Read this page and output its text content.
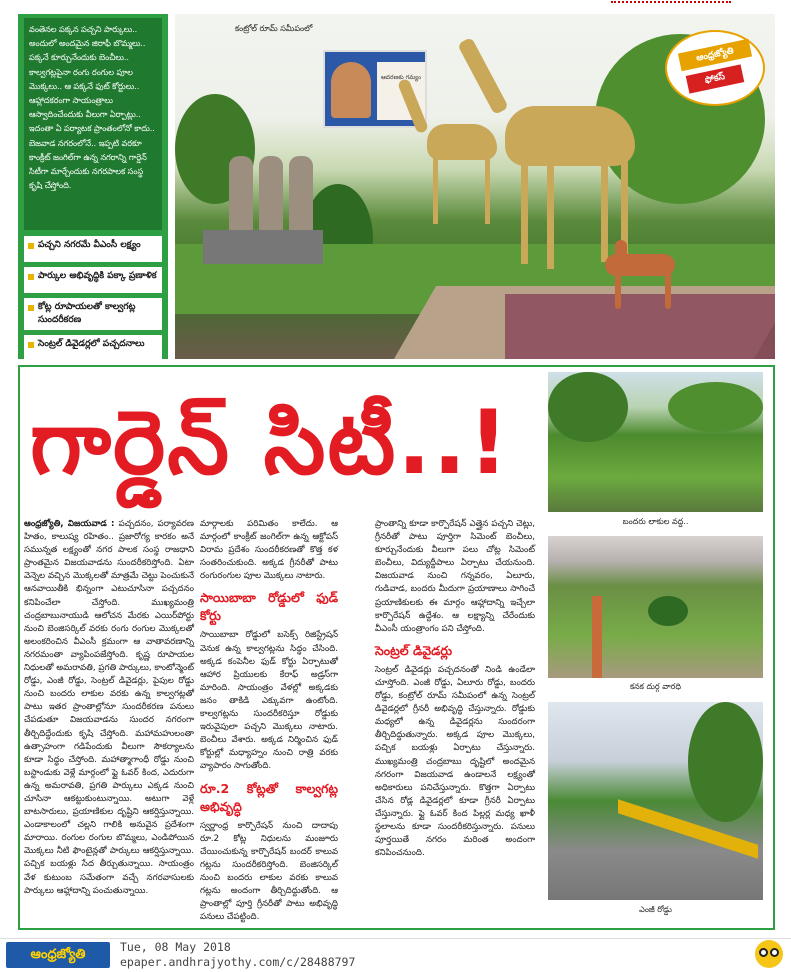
వంతెనల పక్కన పచ్చని పార్కులు.. అందులో అందమైన జిరాఫీ బొమ్మలు.. పక్కనే కూర్చునేందుకు బెంచీలు.. కాల్వగట్లపైనా రంగు రంగుల పూల మొక్కలు.. ఆ పక్కనే ఫుట్‌ కోర్టులు.. ఆహ్లాదకరంగా సాయంత్రాలు ఆస్వాదించేందుకు వీలుగా ఏర్పాట్లు.. ఇదంతా ఏ పర్యాటక ప్రాంతంలోనో కాదు.. బెజవాడ నగరంలోనే.. ఇప్పటి వరకూ కాంక్రీట్‌ జంగిల్‌గా ఉన్న నగరాన్ని గార్డెన్‌ సిటీగా మార్చేందుకు నగరపాలక సంస్థ కృషి చేస్తోంది.

పచ్చని నగరమే వీఎంసీ లక్ష్యం
పార్కుల అభివృద్ధికి పక్కా ప్రణాళిక
కోట్ల రూపాయలతో కాల్వగట్ల సుందరీకరణ
సెంట్రల్‌ డివైడర్లలో పచ్చదనాలు
కంట్రోల్‌ రూమ్‌ సమీపంలో
ఆదరణకు గమ్యం
ఆంధ్రజ్యోతి
ఫోకస్‌
గార్డెన్‌ సిటీ..!

ఆంధ్రజ్యోతి, విజయవాడ : పచ్చదనం, పర్యావరణ హితం, కాలుష్య రహితం.. ప్రజారోగ్య కారకం అనే సమున్నత లక్ష్యంతో నగర పాలక సంస్థ రాజధాని ప్రాంతమైన విజయవాడను సుందరీకరిస్తోంది. ఏటా వెన్నెల వచ్చిన మొక్కలతో మాత్రమే చెట్టు పెంచుకునే ఆనవాయితీకి భిన్నంగా ఎటుచూసినా పచ్చదనం కనిపించేలా చేస్తోంది. ముఖ్యమంత్రి చంద్రబాబునాయుడి ఆలోచన మేరకు ఎయిర్‌పోర్టు నుంచి బెంజిసర్కిల్‌ వరకు రంగు రంగుల మొక్కలతో అలంకరించిన వీఎంసీ క్రమంగా ఆ వాతావరణాన్ని నగరమంతా వ్యాపింపజేస్తోంది. కృష్ణ రూపాయల నిధులతో అమరావతి, ప్రగతి పార్కులు, కాంటోన్మెంట్‌ రోడ్డు, ఎంజీ రోడ్డు, సెంట్రల్‌ డివైడర్లు, పైపుల రోడ్డు నుంచి బందరు లాకుల వరకు ఉన్న కాల్వగట్లతో పాటు ఇతర ప్రాంతాల్లోనూ సుందరీకరణ పనులు చేపడుతూ విజయవాడను సుందర నగరంగా తీర్చిదిద్దేందుకు కృషి చేస్తోంది. మహామహులంతా ఉత్సాహంగా గడిపేందుకు వీలుగా సౌకర్యాలను కూడా సిద్ధం చేస్తోంది. మహాత్మాగాంధీ రోడ్డు నుంచి బస్టాండుకు వెళ్లే మార్గంలో ఫ్లై ఓవర్‌ కింద, ఎదురుగా ఉన్న అమరావతి, ప్రగతి పార్కులు ఎక్కడ నుంచి చూసినా ఆకట్టుకుంటున్నాయి. అటుగా వెళ్లే బాటసారులు, ప్రయాణికుల దృష్టిని ఆకర్షిస్తున్నాయి. ఎండాకాలంలో చల్లని గాలికి అనువైన ప్రదేశంగా మారాయి. రంగుల రంగుల బొమ్మలు, ఎండిపోయిన మొక్కలు నీటి ఫౌంటైన్లతో పార్కులు ఆకర్షిస్తున్నాయి. పచ్చిక బయళ్లు సేద తీర్చుతున్నాయి. సాయంత్రం వేళ కుటుంబ సమేతంగా వచ్చే నగరవాసులకు పార్కులు ఆహ్లాదాన్ని పంచుతున్నాయి.

మార్గాలకు పరిమితం కాలేదు. ఆ మార్గంలో కాంక్రీట్‌ జంగిల్‌గా ఉన్న ఆక్టోపస్‌ విరామ ప్రదేశం సుందరీకరణతో కొత్త కళ సంతరించుకుంది. అక్కడ గ్రీనరీతో పాటు రంగురంగుల పూల మొక్కలు నాటారు.

సాయిబాబా రోడ్డులో ఫుడ్‌ కోర్టు

సాయిబాబా రోడ్డులో బసెక్స్‌ రిజిస్ట్రేషన్‌ వెనుక ఉన్న కాల్వగట్లను సిద్ధం చేసింది. అక్కడ కంపెనీల ఫుడ్‌ కోర్టు ఏర్పాటుతో ఆహార ప్రియులకు కేరాఫ్‌ అడ్రస్‌గా మారింది. సాయంత్రం వేళల్లో అక్కడకు జనం తాకిడి ఎక్కువగా ఉంటోంది. కాల్వగట్లను సుందరీకరిస్తూ రోడ్డుకు ఇరువైపులా పచ్చని మొక్కలు నాటారు. బెంచీలు వేశారు. అక్కడ నిర్మించిన ఫుడ్‌ కోర్టుల్లో మధ్యాహ్నం నుంచి రాత్రి వరకు వ్యాపారం సాగుతోంది.

రూ.2 కోట్లతో కాల్వగట్ల అభివృద్ధి

స్వర్ణాంధ్ర కార్పొరేషన్‌ నుంచి దాదాపు రూ.2 కోట్ల నిధులను మంజూరు చేయించుకున్న కార్పొరేషన్‌ బందర్‌ కాలువ గట్లను సుందరీకరిస్తోంది. బెంజిసర్కిల్‌ నుంచి బందరు లాకుల వరకు కాలువ గట్లను అందంగా తీర్చిదిద్దుతోంది. ఆ ప్రాంతాల్లో పూర్తి గ్రీనరీతో పాటు అభివృద్ధి పనులు చేపట్టింది.

ప్రాంతాన్ని కూడా కార్పొరేషన్‌ ఎత్తైన పచ్చని చెట్లు, గ్రీనరీతో పాటు పూర్తిగా సిమెంట్‌ బెంచీలు, కూర్చునేందుకు వీలుగా పలు చోట్ల సిమెంట్‌ బెంచీలు, విద్యుద్దీపాలు ఏర్పాటు చేయనుంది. విజయవాడ నుంచి గన్నవరం, ఏలూరు, గుడివాడ, బందరు మీదుగా ప్రయాణాలు సాగించే ప్రయాణికులకు ఈ మార్గం ఆహ్లాదాన్ని ఇచ్చేలా కార్పొరేషన్‌ ఉద్దేశం. ఆ లక్ష్యాన్ని చేరేందుకు వీఎంసీ యంత్రాంగం పని చేస్తోంది.

సెంట్రల్‌ డివైడర్లు

సెంట్రల్‌ డివైడర్లు పచ్చదనంతో నిండి ఉండేలా చూస్తోంది. ఎంజీ రోడ్డు, ఏలూరు రోడ్డు, బందరు రోడ్డు, కంట్రోల్‌ రూమ్‌ సమీపంలో ఉన్న సెంట్రల్‌ డివైడర్లలో గ్రీనరీ అభివృద్ధి చేస్తున్నారు. రోడ్డుకు మధ్యలో ఉన్న డివైడర్లను సుందరంగా తీర్చిదిద్దుతున్నారు. అక్కడ పూల మొక్కలు, పచ్చిక బయళ్లు ఏర్పాటు చేస్తున్నారు. ముఖ్యమంత్రి చంద్రబాబు దృష్టిలో అందమైన నగరంగా విజయవాడ ఉండాలనే లక్ష్యంతో అధికారులు పనిచేస్తున్నారు. కొత్తగా ఏర్పాటు చేసిన రోడ్ల డివైడర్లలో కూడా గ్రీనరీ ఏర్పాటు చేస్తున్నారు. ఫ్లై ఓవర్‌ కింద పిల్లర్ల మధ్య ఖాళీ స్థలాలను కూడా సుందరీకరిస్తున్నారు. పనులు పూర్తయితే నగరం మరింత అందంగా కనిపించనుంది.

బందరు లాకుల వద్ద..
కనక దుర్గ వారధి
ఎంజీ రోడ్డు
ఆంధ్రజ్యోతి	Tue, 08 May 2018
epaper.andhrajyothy.com/c/28488797
